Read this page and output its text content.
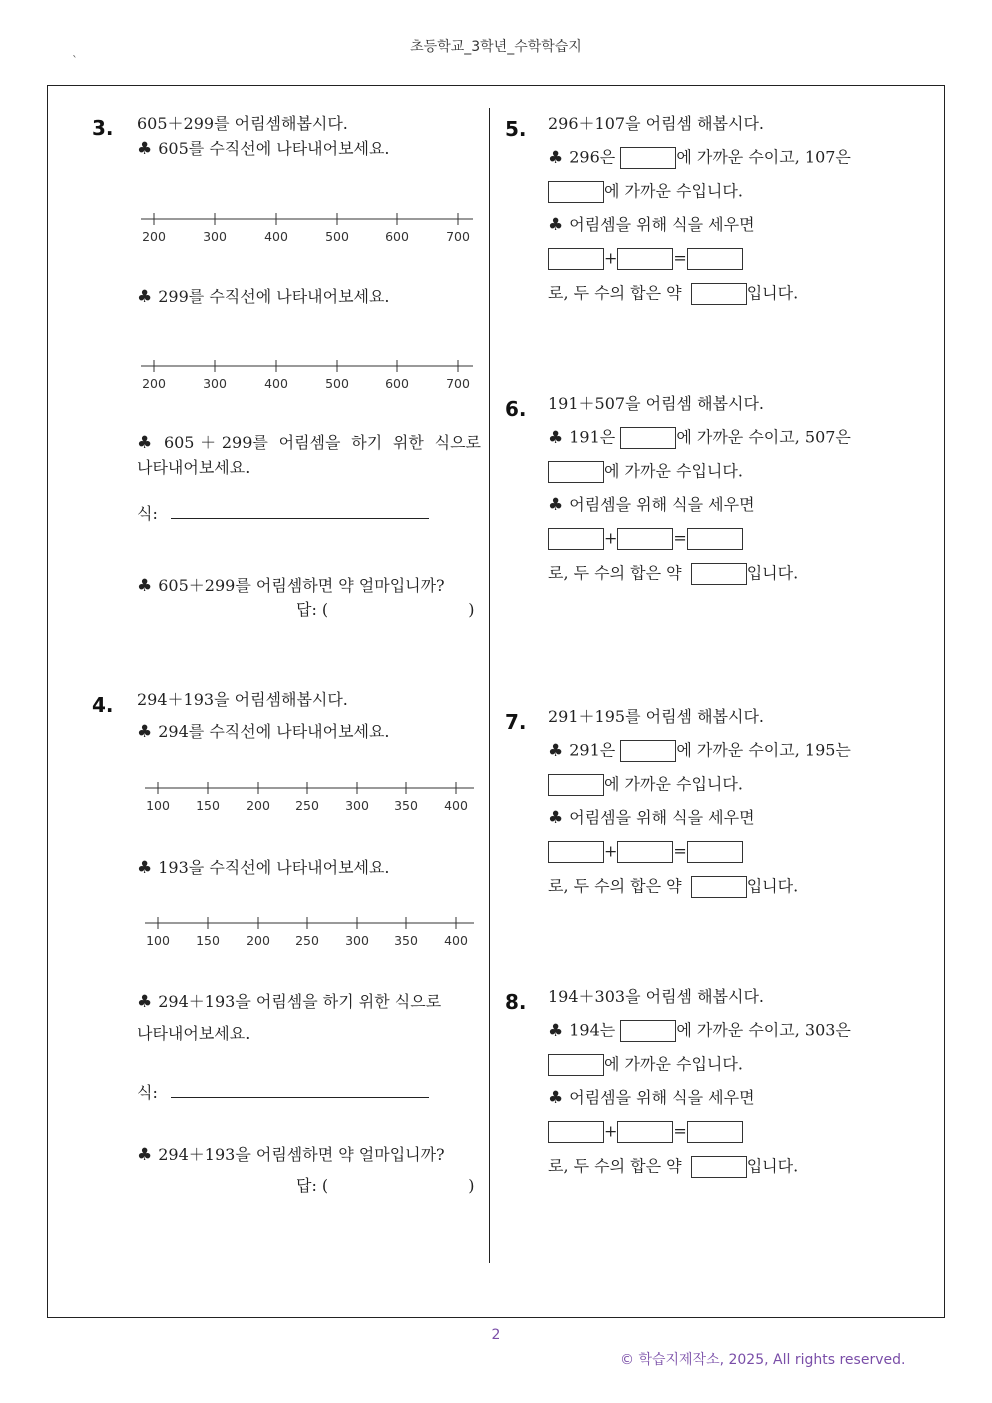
초등학교_3학년_수학학습지
`
3. 605＋299를 어림셈해봅시다.
♣ 605를 수직선에 나타내어보세요.
200	300	400	500	600	700
♣ 299를 수직선에 나타내어보세요.
200	300	400	500	600	700
♣ 605＋299를 어림셈을 하기 위한 식으로
나타내어보세요.
식:
♣ 605＋299를 어림셈하면 약 얼마입니까?
답: (	)
4. 294＋193을 어림셈해봅시다.
♣ 294를 수직선에 나타내어보세요.
100 150 200 250 300 350 400
♣ 193을 수직선에 나타내어보세요.
100 150 200 250 300 350 400
♣ 294＋193을 어림셈을 하기 위한 식으로
나타내어보세요.
식:
♣ 294＋193을 어림셈하면 약 얼마입니까?
답: (	)
5. 296＋107을 어림셈 해봅시다.
♣ 296은	에 가까운 수이고, 107은
에 가까운 수입니다.
♣ 어림셈을 위해 식을 세우면
+	=
로, 두 수의 합은 약	입니다.
6. 191＋507을 어림셈 해봅시다.
♣ 191은	에 가까운 수이고, 507은
에 가까운 수입니다.
♣ 어림셈을 위해 식을 세우면
+	=
로, 두 수의 합은 약	입니다.
7. 291＋195를 어림셈 해봅시다.
♣ 291은	에 가까운 수이고, 195는
에 가까운 수입니다.
♣ 어림셈을 위해 식을 세우면
+	=
로, 두 수의 합은 약	입니다.
8. 194＋303을 어림셈 해봅시다.
♣ 194는	에 가까운 수이고, 303은
에 가까운 수입니다.
♣ 어림셈을 위해 식을 세우면
+	=
로, 두 수의 합은 약	입니다.
2
© 학습지제작소, 2025, All rights reserved.
